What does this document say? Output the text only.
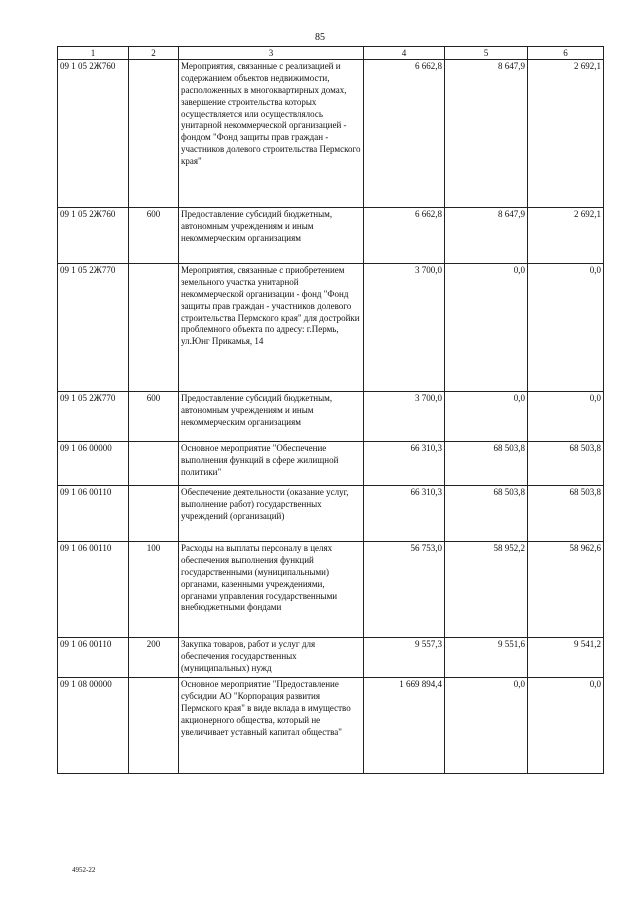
85
1	2	3	4	5	6
09 1 05 2Ж760		Мероприятия, связанные с реализацией и содержанием объектов недвижимости, расположенных в многоквартирных домах, завершение строительства которых осуществляется или осуществлялось унитарной некоммерческой организацией - фондом "Фонд защиты прав граждан - участников долевого строительства Пермского края"	6 662,8	8 647,9	2 692,1
09 1 05 2Ж760	600	Предоставление субсидий бюджетным, автономным учреждениям и иным некоммерческим организациям	6 662,8	8 647,9	2 692,1
09 1 05 2Ж770		Мероприятия, связанные с приобретением земельного участка унитарной некоммерческой организации - фонд "Фонд защиты прав граждан - участников долевого строительства Пермского края" для достройки проблемного объекта по адресу: г.Пермь, ул.Юнг Прикамья, 14	3 700,0	0,0	0,0
09 1 05 2Ж770	600	Предоставление субсидий бюджетным, автономным учреждениям и иным некоммерческим организациям	3 700,0	0,0	0,0
09 1 06 00000		Основное мероприятие "Обеспечение выполнения функций в сфере жилищной политики"	66 310,3	68 503,8	68 503,8
09 1 06 00110		Обеспечение деятельности (оказание услуг, выполнение работ) государственных учреждений (организаций)	66 310,3	68 503,8	68 503,8
09 1 06 00110	100	Расходы на выплаты персоналу в целях обеспечения выполнения функций государственными (муниципальными) органами, казенными учреждениями, органами управления государственными внебюджетными фондами	56 753,0	58 952,2	58 962,6
09 1 06 00110	200	Закупка товаров, работ и услуг для обеспечения государственных (муниципальных) нужд	9 557,3	9 551,6	9 541,2
09 1 08 00000		Основное мероприятие "Предоставление субсидии АО "Корпорация развития Пермского края" в виде вклада в имущество акционерного общества, который не увеличивает уставный капитал общества"	1 669 894,4	0,0	0,0
4952-22
